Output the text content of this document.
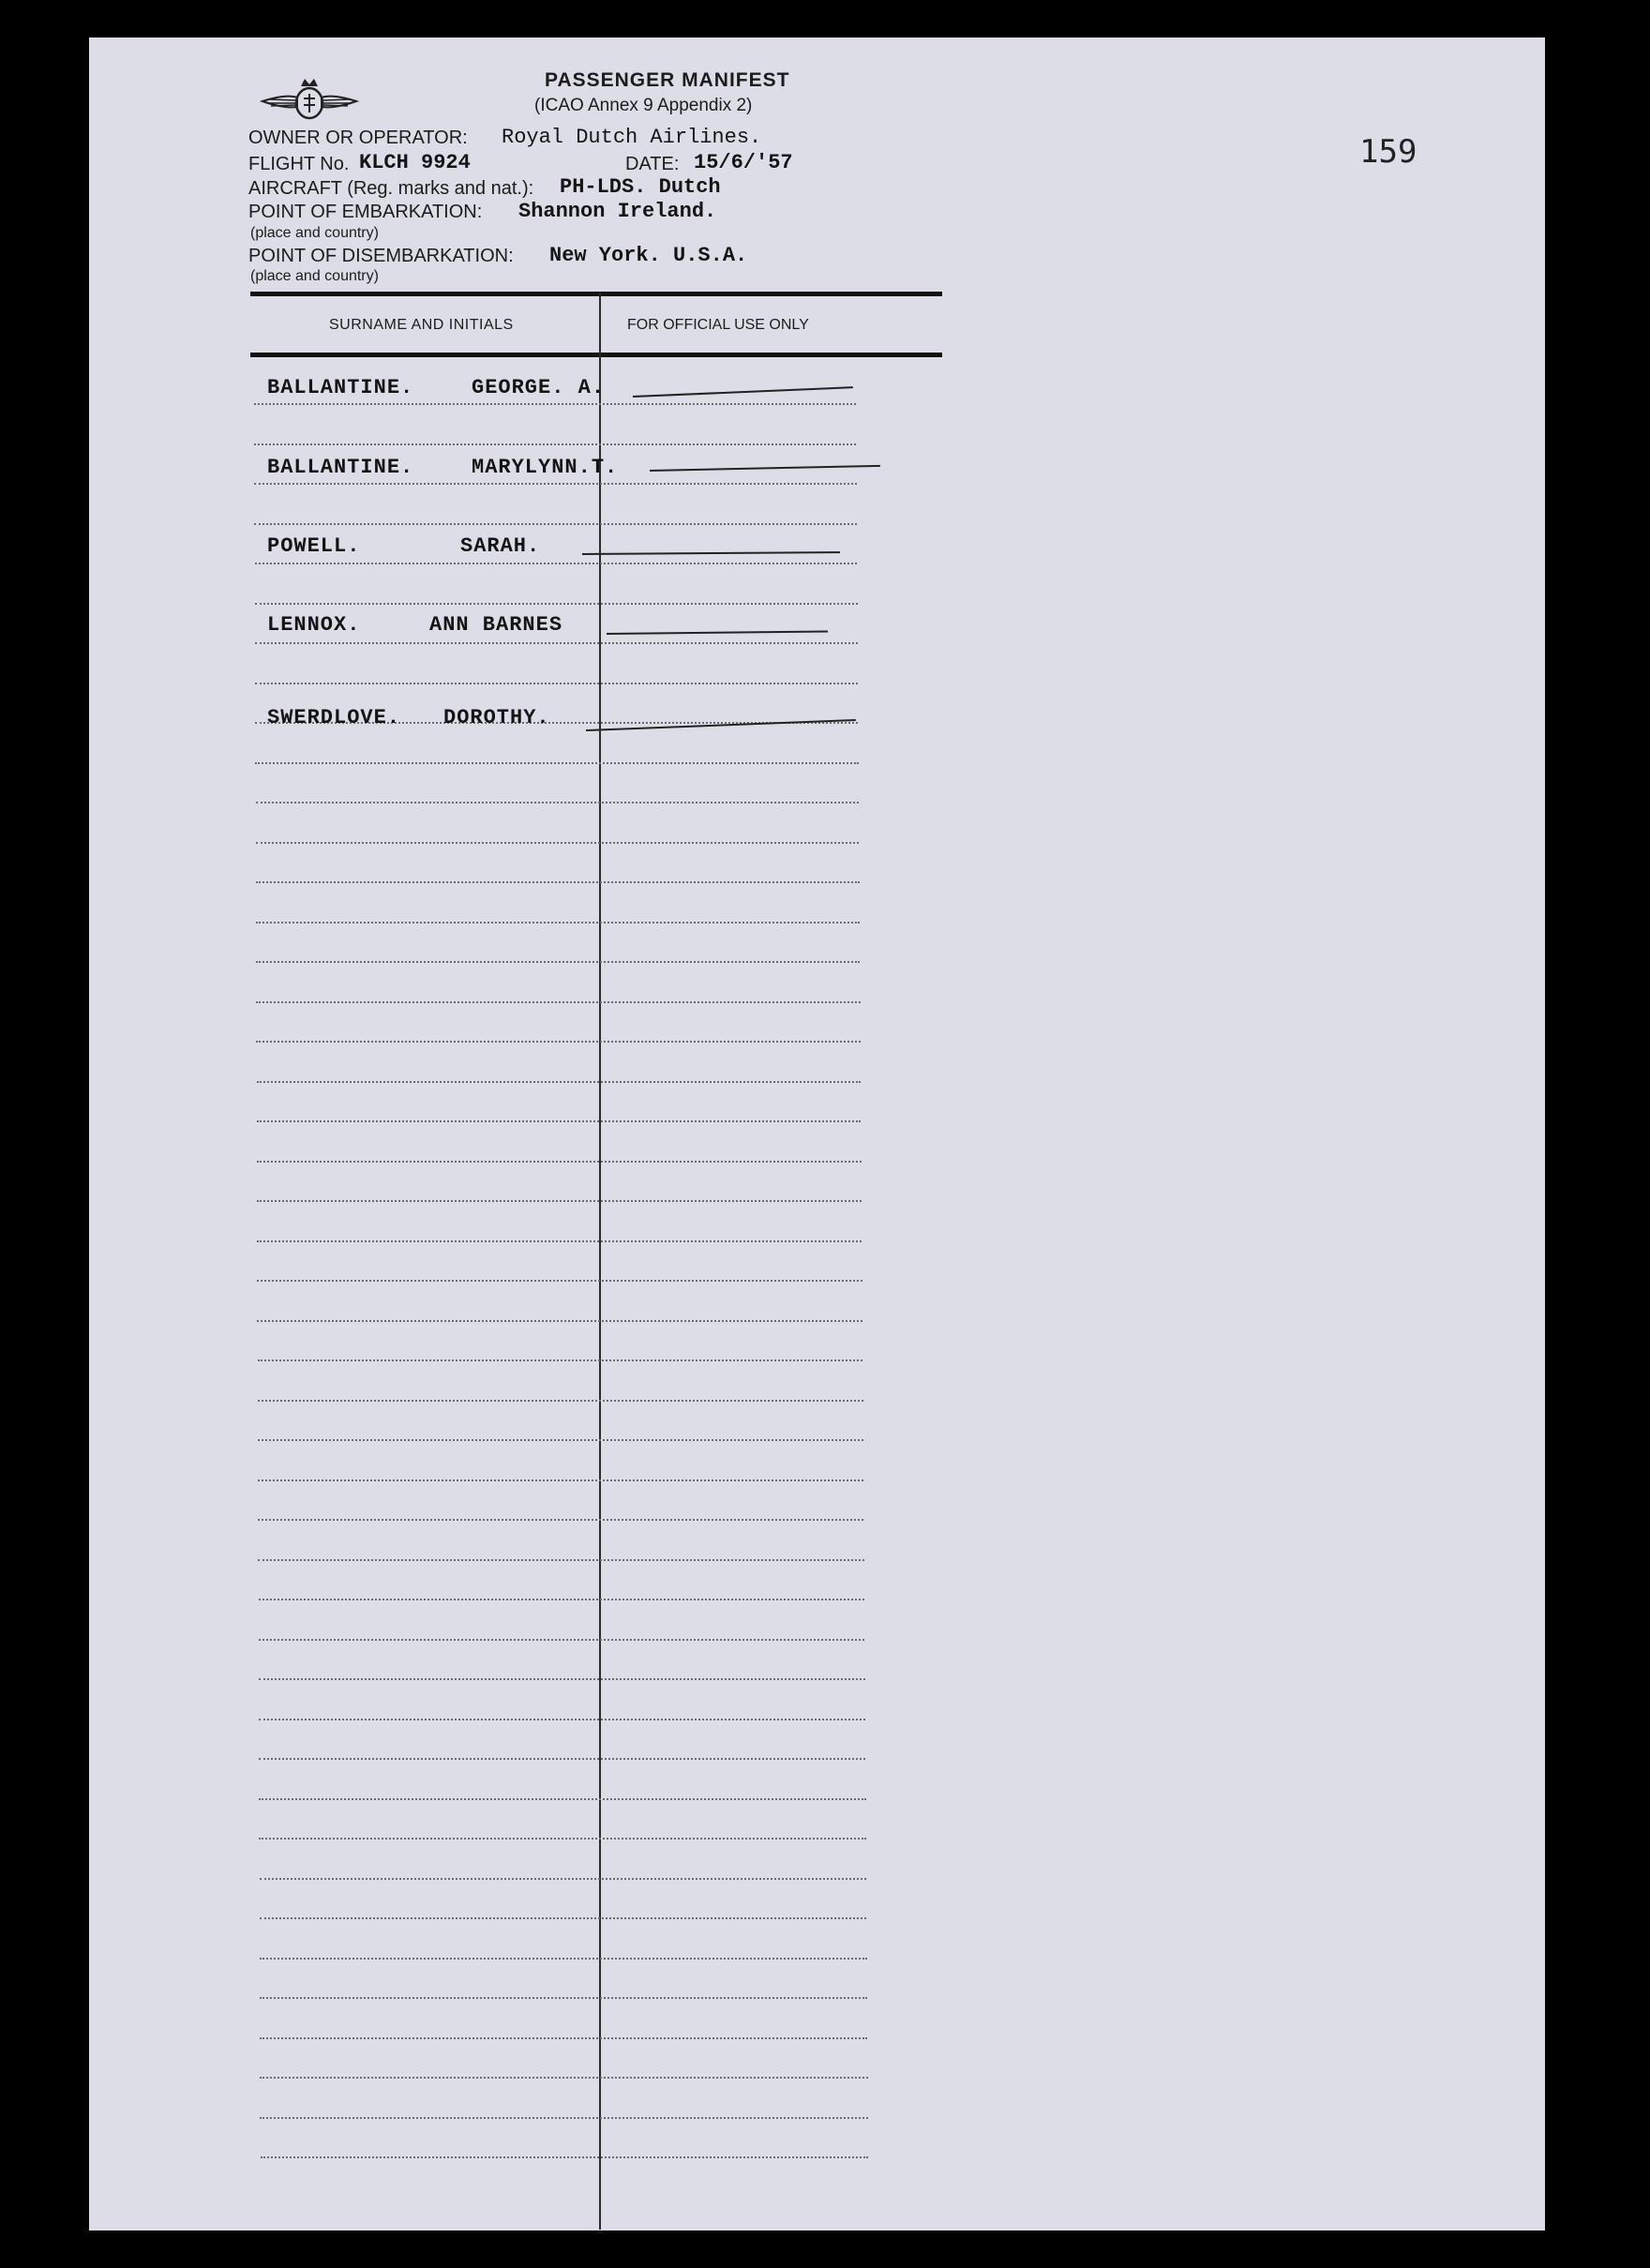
PASSENGER MANIFEST
(ICAO Annex 9 Appendix 2)
159
OWNER OR OPERATOR: Royal Dutch Airlines.
FLIGHT No. KLCH 9924	DATE: 15/6/'57
AIRCRAFT (Reg. marks and nat.): PH-LDS. Dutch
POINT OF EMBARKATION: Shannon Ireland.
(place and country)
POINT OF DISEMBARKATION: New York. U.S.A.
(place and country)
SURNAME AND INITIALS	FOR OFFICIAL USE ONLY
BALLANTINE.	GEORGE. A.
BALLANTINE.	MARYLYNN.T.
POWELL.	SARAH.
LENNOX.	ANN BARNES
SWERDLOVE. DOROTHY.
